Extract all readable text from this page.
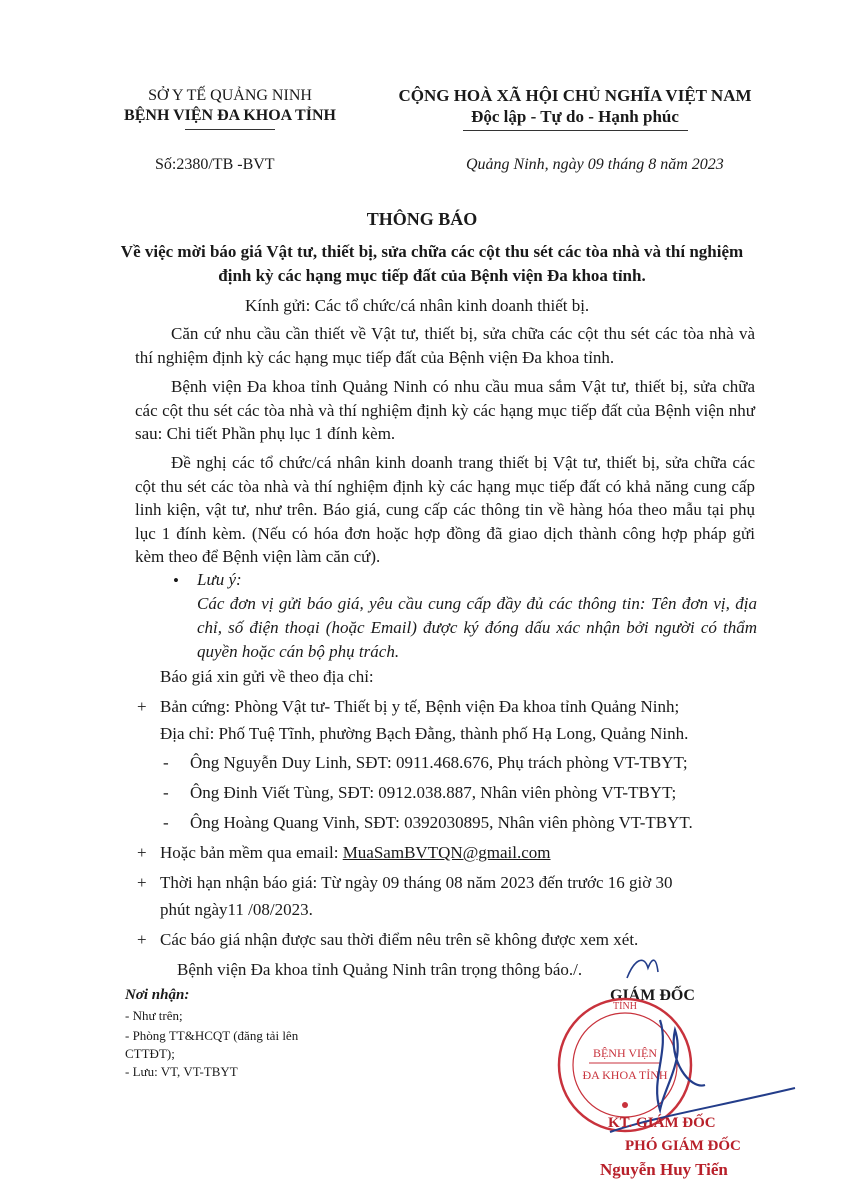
SỞ Y TẾ QUẢNG NINH
BỆNH VIỆN ĐA KHOA TỈNH
CỘNG HOÀ XÃ HỘI CHỦ NGHĨA VIỆT NAM
Độc lập - Tự do - Hạnh phúc
Số:2380/TB -BVT	Quảng Ninh, ngày 09 tháng 8 năm 2023
THÔNG BÁO
Về việc mời báo giá Vật tư, thiết bị, sửa chữa các cột thu sét các tòa nhà và thí nghiệm định kỳ các hạng mục tiếp đất của Bệnh viện Đa khoa tỉnh.
Kính gửi: Các tổ chức/cá nhân kinh doanh thiết bị.
Căn cứ nhu cầu cần thiết về Vật tư, thiết bị, sửa chữa các cột thu sét các tòa nhà và thí nghiệm định kỳ các hạng mục tiếp đất của Bệnh viện Đa khoa tỉnh.
Bệnh viện Đa khoa tỉnh Quảng Ninh có nhu cầu mua sắm Vật tư, thiết bị, sửa chữa các cột thu sét các tòa nhà và thí nghiệm định kỳ các hạng mục tiếp đất của Bệnh viện như sau: Chi tiết Phần phụ lục 1 đính kèm.
Đề nghị các tổ chức/cá nhân kinh doanh trang thiết bị Vật tư, thiết bị, sửa chữa các cột thu sét các tòa nhà và thí nghiệm định kỳ các hạng mục tiếp đất có khả năng cung cấp linh kiện, vật tư, như trên. Báo giá, cung cấp các thông tin về hàng hóa theo mẫu tại phụ lục 1 đính kèm. (Nếu có hóa đơn hoặc hợp đồng đã giao dịch thành công hợp pháp gửi kèm theo để Bệnh viện làm căn cứ).
• Lưu ý:
Các đơn vị gửi báo giá, yêu cầu cung cấp đầy đủ các thông tin: Tên đơn vị, địa chỉ, số điện thoại (hoặc Email) được ký đóng dấu xác nhận bởi người có thẩm quyền hoặc cán bộ phụ trách.
Báo giá xin gửi về theo địa chỉ:
+ Bản cứng: Phòng Vật tư- Thiết bị y tế, Bệnh viện Đa khoa tỉnh Quảng Ninh;
Địa chỉ: Phố Tuệ Tĩnh, phường Bạch Đằng, thành phố Hạ Long, Quảng Ninh.
- Ông Nguyễn Duy Linh, SĐT: 0911.468.676, Phụ trách phòng VT-TBYT;
- Ông Đinh Viết Tùng, SĐT: 0912.038.887, Nhân viên phòng VT-TBYT;
- Ông Hoàng Quang Vinh, SĐT: 0392030895, Nhân viên phòng VT-TBYT.
+ Hoặc bản mềm qua email: MuaSamBVTQN@gmail.com
+ Thời hạn nhận báo giá: Từ ngày 09 tháng 08 năm 2023 đến trước 16 giờ 30
phút ngày11 /08/2023.
+ Các báo giá nhận được sau thời điểm nêu trên sẽ không được xem xét.
Bệnh viện Đa khoa tỉnh Quảng Ninh trân trọng thông báo./.
Nơi nhận:
- Như trên;
- Phòng TT&HCQT (đăng tải lên
CTTĐT);
- Lưu: VT, VT-TBYT
GIÁM ĐỐC
TỈNH
BỆNH VIỆN
ĐA KHOA TỈNH
KT. GIÁM ĐỐC
PHÓ GIÁM ĐỐC
Nguyễn Huy Tiến
